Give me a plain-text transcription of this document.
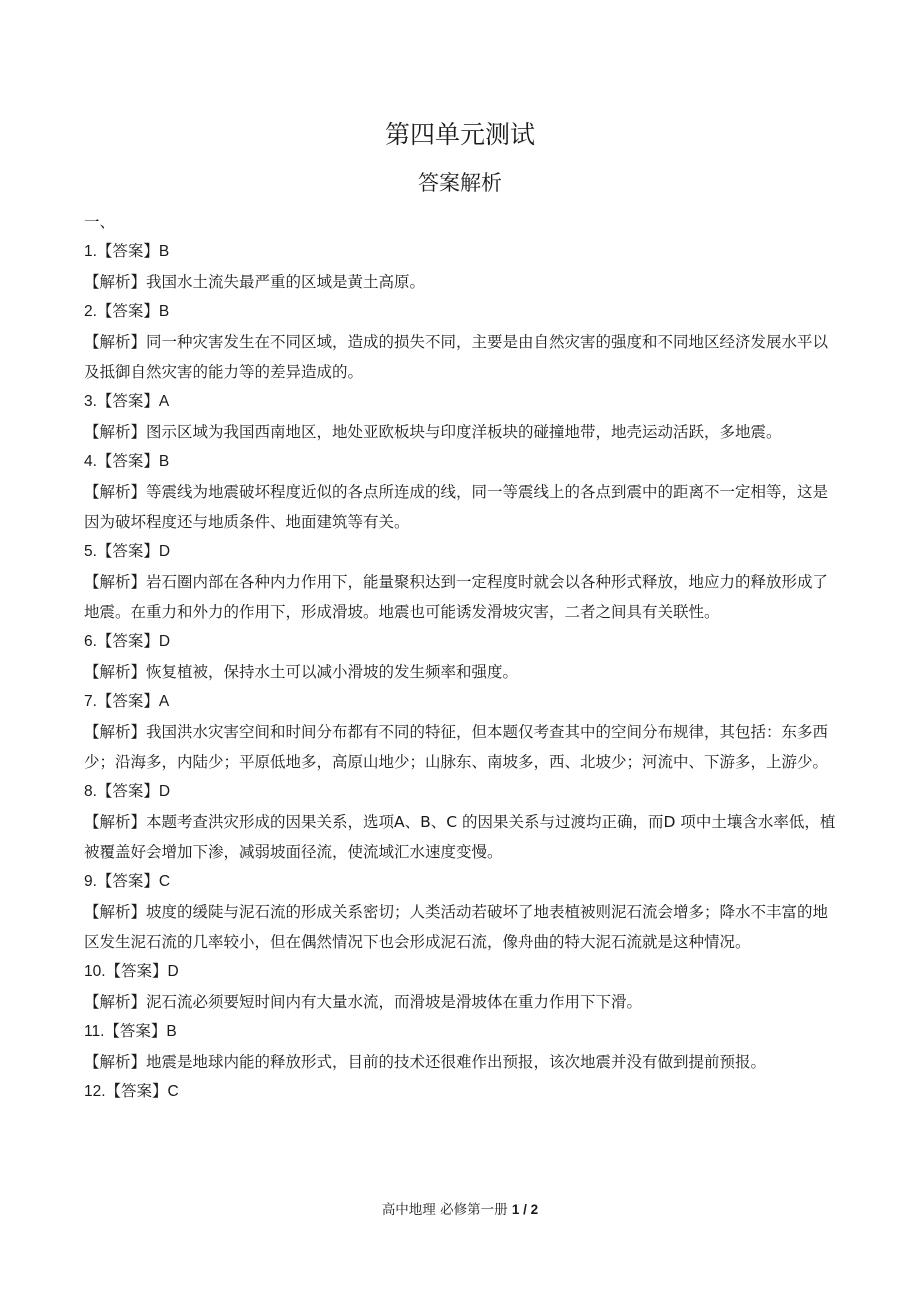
第四单元测试
答案解析

一、

1.【答案】B

【解析】我国水土流失最严重的区域是黄土高原。

2.【答案】B

【解析】同一种灾害发生在不同区域，造成的损失不同，主要是由自然灾害的强度和不同地区经济发展水平以及抵御自然灾害的能力等的差异造成的。

3.【答案】A

【解析】图示区域为我国西南地区，地处亚欧板块与印度洋板块的碰撞地带，地壳运动活跃，多地震。

4.【答案】B

【解析】等震线为地震破坏程度近似的各点所连成的线，同一等震线上的各点到震中的距离不一定相等，这是因为破坏程度还与地质条件、地面建筑等有关。

5.【答案】D

【解析】岩石圈内部在各种内力作用下，能量聚积达到一定程度时就会以各种形式释放，地应力的释放形成了地震。在重力和外力的作用下，形成滑坡。地震也可能诱发滑坡灾害，二者之间具有关联性。

6.【答案】D

【解析】恢复植被，保持水土可以减小滑坡的发生频率和强度。

7.【答案】A

【解析】我国洪水灾害空间和时间分布都有不同的特征，但本题仅考查其中的空间分布规律，其包括：东多西少；沿海多，内陆少；平原低地多，高原山地少；山脉东、南坡多，西、北坡少；河流中、下游多，上游少。

8.【答案】D

【解析】本题考查洪灾形成的因果关系，选项A、B、C 的因果关系与过渡均正确，而D 项中土壤含水率低，植被覆盖好会增加下渗，减弱坡面径流，使流域汇水速度变慢。

9.【答案】C

【解析】坡度的缓陡与泥石流的形成关系密切；人类活动若破坏了地表植被则泥石流会增多；降水不丰富的地区发生泥石流的几率较小，但在偶然情况下也会形成泥石流，像舟曲的特大泥石流就是这种情况。

10.【答案】D

【解析】泥石流必须要短时间内有大量水流，而滑坡是滑坡体在重力作用下下滑。

11.【答案】B

【解析】地震是地球内能的释放形式，目前的技术还很难作出预报，该次地震并没有做到提前预报。

12.【答案】C

高中地理 必修第一册 1 / 2
